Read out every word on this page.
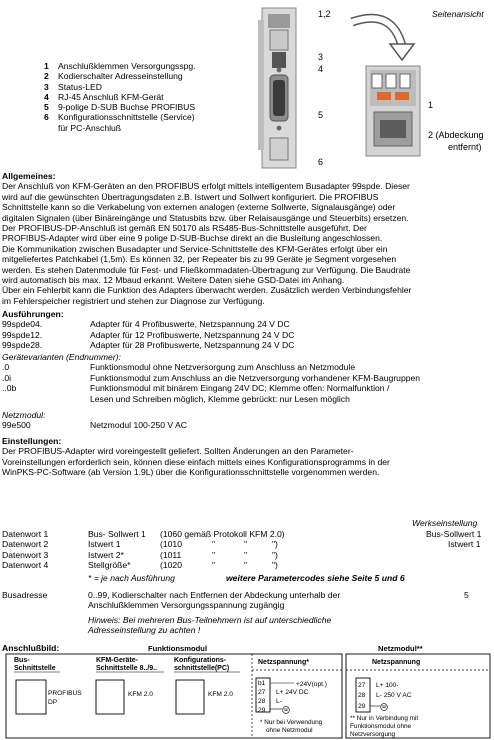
1,2
3
4
5
6
Seitenansicht
1
2 (Abdeckung
entfernt)
1 Anschlußklemmen Versorgungsspg.
2 Kodierschalter Adresseinstellung
3 Status-LED
4 RJ-45 Anschluß KFM-Gerät
5 9-polige D-SUB Buchse PROFIBUS
6 Konfigurationsschnittstelle (Service)
für PC-Anschluß
Allgemeines:
Der Anschluß von KFM-Geräten an den PROFIBUS erfolgt mittels intelligentem Busadapter 99spde. Dieser
wird auf die gewünschten Übertragungsdaten z.B. Istwert und Sollwert konfiguriert. Die PROFIBUS
Schnittstelle kann so die Verkabelung von externen analogen (externe Sollwerte, Signalausgänge) oder
digitalen Signalen (über Binäreingänge und Statusbits bzw. über Relaisausgänge und Steuerbits) ersetzen.
Der PROFIBUS-DP-Anschluß ist gemäß EN 50170 als RS485-Bus-Schnittstelle ausgeführt. Der
PROFIBUS-Adapter wird über eine 9 polige D-SUB-Buchse direkt an die Busleitung angeschlossen.
Die Kommunikation zwischen Busadapter und Service-Schnittstelle des KFM-Gerätes erfolgt über ein
mitgeliefertes Patchkabel (1,5m). Es können 32, per Repeater bis zu 99 Geräte je Segment vorgesehen
werden. Es stehen Datenmodule für Fest- und Fließkommadaten-Übertragung zur Verfügung. Die Baudrate
wird automatisch bis max. 12 Mbaud erkannt. Weitere Daten siehe GSD-Datei im Anhang.
Über ein Fehlerbit kann die Funktion des Adapters überwacht werden. Zusätzlich werden Verbindungsfehler
im Fehlerspeicher registriert und stehen zur Diagnose zur Verfügung.
Ausführungen:
99spde04.	Adapter für 4 Profibuswerte, Netzspannung 24 V DC
99spde12.	Adapter für 12 Profibuswerte, Netzspannung 24 V DC
99spde28.	Adapter für 28 Profibuswerte, Netzspannung 24 V DC
Gerätevarianten (Endnummer):
.0	Funktionsmodul ohne Netzversorgung zum Anschluss an Netzmodule
.0i	Funktionsmodul zum Anschluss an die Netzversorgung vorhandener KFM-Baugruppen
..0b	Funktionsmodul mit binärem Eingang 24V DC; Klemme offen: Normalfunktion /
Lesen und Schreiben möglich, Klemme gebrückt: nur Lesen möglich
Netzmodul:
99e500	Netzmodul 100-250 V AC
Einstellungen:
Der PROFIBUS-Adapter wird voreingestellt geliefert. Sollten Änderungen an den Parameter-
Voreinstellungen erforderlich sein, können diese einfach mittels eines Konfigurationsprogramms in der
WinPKS-PC-Software (ab Version 1.9L) über die Konfigurationsschnittstelle vorgenommen werden.
Werkseinstellung
Datenwort 1	Bus- Sollwert 1 (1060 gemäß Protokoll KFM 2.0)	Bus-Sollwert 1
Datenwort 2	Istwert 1	(1010	"	"	")	Istwert 1
Datenwort 3	Istwert 2*	(1011	"	"	")
Datenwort 4	Stellgröße*	(1020	"	"	")
* = je nach Ausführung	weitere Parametercodes siehe Seite 5 und 6
Busadresse	0..99, Kodierschalter nach Entfernen der Abdeckung unterhalb der
Anschlußklemmen Versorgungsspannung zugängig
5
Hinweis: Bei mehreren Bus-Teilnehmern ist auf unterschiedliche
Adresseinstellung zu achten !
Anschlußbild:	Funktionsmodul	Netzmodul**
Bus-
Schnittstelle
KFM-Geräte-
Schnittstelle 8../9..
Konfigurations-
schnittstelle(PC)
Netzspannung*	Netzspannung
PROFIBUS
DP
KFM 2.0	KFM 2.0
b1
27
28
29
+24V(opt.)
L+ 24V DC
L-
* Nur bei Verwendung
ohne Netzmodul
27
28
29
L+ 100-
L- 250 V AC
** Nur in Verbindung mit
Funktionsmodul ohne
Netzversorgung
